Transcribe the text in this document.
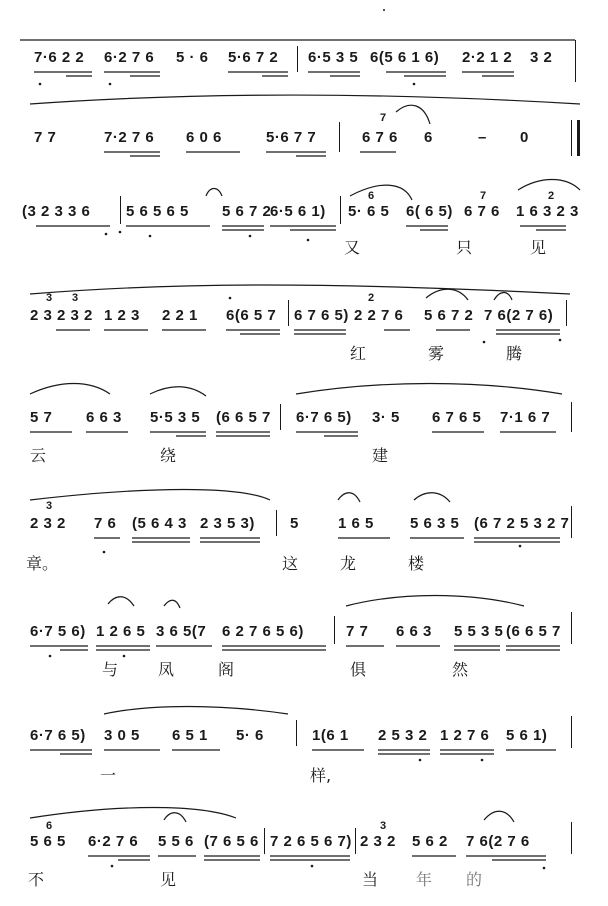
7·6 2 2 6·2 7 6 5 · 6 5·6 7 2 6·5 3 5 6(5 6 1 6) 2·2 1 2 3 2
7 7	7·2 7 6 6 0 6	5·6 7 7	6 7 6 6	– 0
7
(3 2 3 3 6 5 6 5 6 5 5 6 7 2
6·5 6 1) 5· 6 5 6( 6 5) 6 7 6 1 6 3 2 3
6	7	2
又	只	见
2 3 2 3 2 1 2 3 2 2 1 6(6 5 7 6 7 6 5) 2 2 7 6 5 6 7 2 7 6(2 7 6)
3 3	2
红	雾	腾
5 7 6 6 3 5·5 3 5 (6 6 5 7 6·7 6 5) 3· 5 6 7 6 5 7·1 6 7
云	绕	建
2 3 2 7 6 (5 6 4 3 2 3 5 3) 5	1 6 5 5 6 3 5 (6 7 2 5 3 2 7
3
章。	这	龙	楼
6·7 5 6) 1 2 6 5 3 6 5(7 6 2 7 6 5 6)	7 7 6 6 3 5 5 3 5 (6 6 5 7
与 凤	阁	俱	然
6·7 6 5) 3 0 5 6 5 1 5· 6	1(6 1 2 5 3 2 1 2 7 6 5 6 1)
一	样,
5 6 5 6·2 7 6 5 5 6 (7 6 5 6 7 2 6 5 6 7) 2 3 2 5 6 2 7 6(2 7 6
6	3
不	见	当 年 的
